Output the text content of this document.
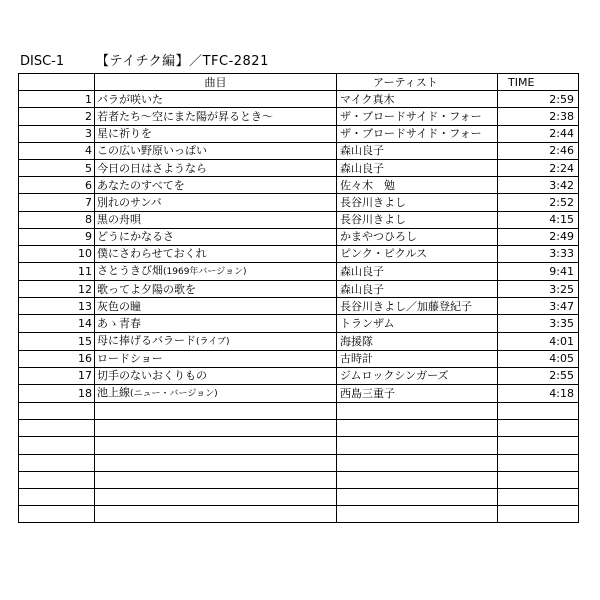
DISC-1 【テイチク編】／TFC-2821
	曲目	アーティスト	TIME
1	バラが咲いた	マイク真木	2:59
2	若者たち～空にまた陽が昇るとき～	ザ・ブロードサイド・フォー	2:38
3	星に祈りを	ザ・ブロードサイド・フォー	2:44
4	この広い野原いっぱい	森山良子	2:46
5	今日の日はさようなら	森山良子	2:24
6	あなたのすべてを	佐々木　勉	3:42
7	別れのサンバ	長谷川きよし	2:52
8	黒の舟唄	長谷川きよし	4:15
9	どうにかなるさ	かまやつひろし	2:49
10	僕にさわらせておくれ	ピンク・ピクルス	3:33
11	さとうきび畑(1969年バージョン)	森山良子	9:41
12	歌ってよ夕陽の歌を	森山良子	3:25
13	灰色の瞳	長谷川きよし／加藤登紀子	3:47
14	あゝ青春	トランザム	3:35
15	母に捧げるバラード(ライブ)	海援隊	4:01
16	ロードショー	古時計	4:05
17	切手のないおくりもの	ジムロックシンガーズ	2:55
18	池上線(ニュー・バージョン)	西島三重子	4:18
